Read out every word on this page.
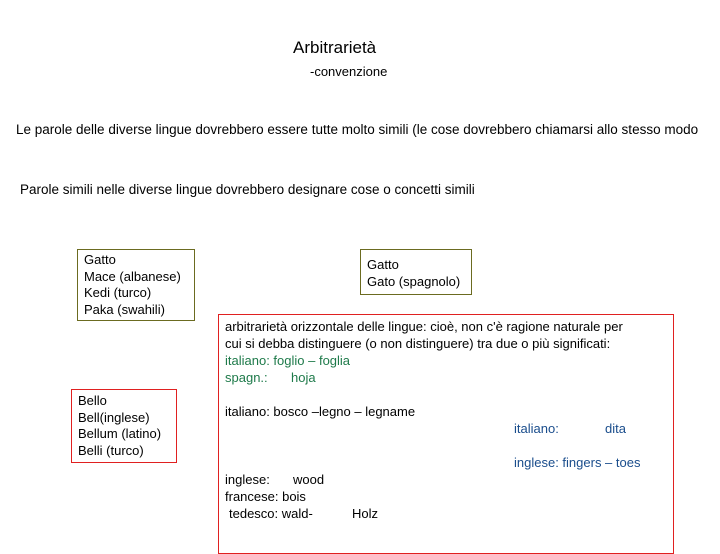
Arbitrarietà
-convenzione
Le parole delle diverse lingue dovrebbero essere tutte molto simili (le cose dovrebbero chiamarsi allo stesso modo
Parole simili nelle diverse lingue dovrebbero designare cose o concetti simili
Gatto
Mace (albanese)
Kedi (turco)
Paka (swahili)
Gatto
Gato (spagnolo)
Bello
Bell(inglese)
Bellum (latino)
Belli (turco)
arbitrarietà orizzontale delle lingue: cioè, non c'è ragione naturale per
cui si debba distinguere (o non distinguere) tra due o più significati:
italiano: foglio – foglia
spagn.: hoja
italiano: bosco –legno – legname
italiano:	dita
inglese: fingers – toes
inglese: wood
francese: bois
tedesco: wald-	Holz
